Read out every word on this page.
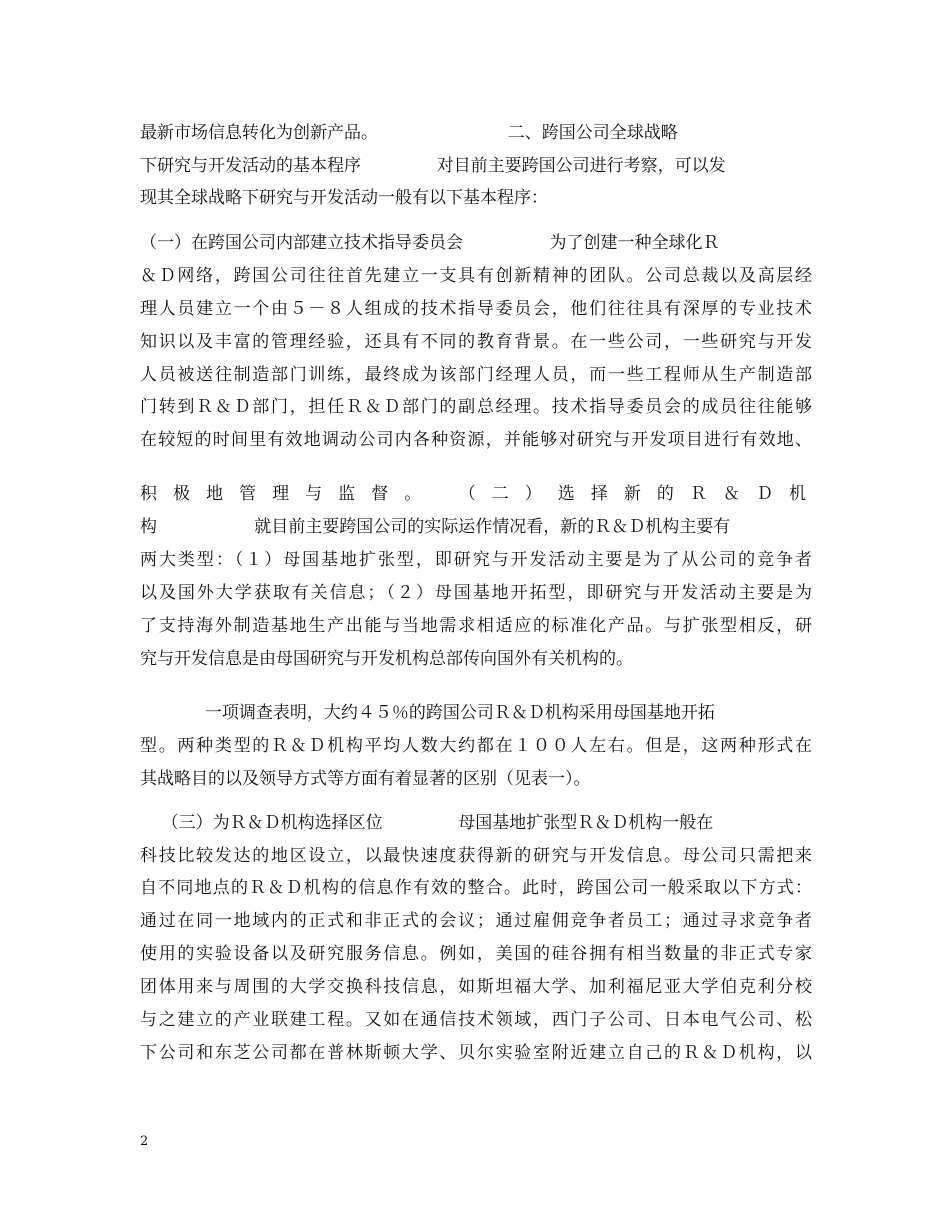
最新市场信息转化为创新产品。                        二、跨国公司全球战略
下研究与开发活动的基本程序              对目前主要跨国公司进行考察，可以发
现其全球战略下研究与开发活动一般有以下基本程序：
（一）在跨国公司内部建立技术指导委员会                为了创建一种全球化Ｒ
＆Ｄ网络，跨国公司往往首先建立一支具有创新精神的团队。公司总裁以及高层经
理人员建立一个由５－８人组成的技术指导委员会，他们往往具有深厚的专业技术
知识以及丰富的管理经验，还具有不同的教育背景。在一些公司，一些研究与开发
人员被送往制造部门训练，最终成为该部门经理人员，而一些工程师从生产制造部
门转到Ｒ＆Ｄ部门，担任Ｒ＆Ｄ部门的副总经理。技术指导委员会的成员往往能够
在较短的时间里有效地调动公司内各种资源，并能够对研究与开发项目进行有效地、
积极地管理与监督。 （二）选择新的Ｒ＆Ｄ机
构                  就目前主要跨国公司的实际运作情况看，新的Ｒ＆Ｄ机构主要有
两大类型：（１）母国基地扩张型，即研究与开发活动主要是为了从公司的竞争者
以及国外大学获取有关信息；（２）母国基地开拓型，即研究与开发活动主要是为
了支持海外制造基地生产出能与当地需求相适应的标准化产品。与扩张型相反，研
究与开发信息是由母国研究与开发机构总部传向国外有关机构的。
一项调查表明，大约４５％的跨国公司Ｒ＆Ｄ机构采用母国基地开拓
型。两种类型的Ｒ＆Ｄ机构平均人数大约都在１００人左右。但是，这两种形式在
其战略目的以及领导方式等方面有着显著的区别（见表一）。
（三）为Ｒ＆Ｄ机构选择区位              母国基地扩张型Ｒ＆Ｄ机构一般在
科技比较发达的地区设立，以最快速度获得新的研究与开发信息。母公司只需把来
自不同地点的Ｒ＆Ｄ机构的信息作有效的整合。此时，跨国公司一般采取以下方式：
通过在同一地域内的正式和非正式的会议；通过雇佣竞争者员工；通过寻求竞争者
使用的实验设备以及研究服务信息。例如，美国的硅谷拥有相当数量的非正式专家
团体用来与周围的大学交换科技信息，如斯坦福大学、加利福尼亚大学伯克利分校
与之建立的产业联建工程。又如在通信技术领域，西门子公司、日本电气公司、松
下公司和东芝公司都在普林斯顿大学、贝尔实验室附近建立自己的Ｒ＆Ｄ机构，以
2
